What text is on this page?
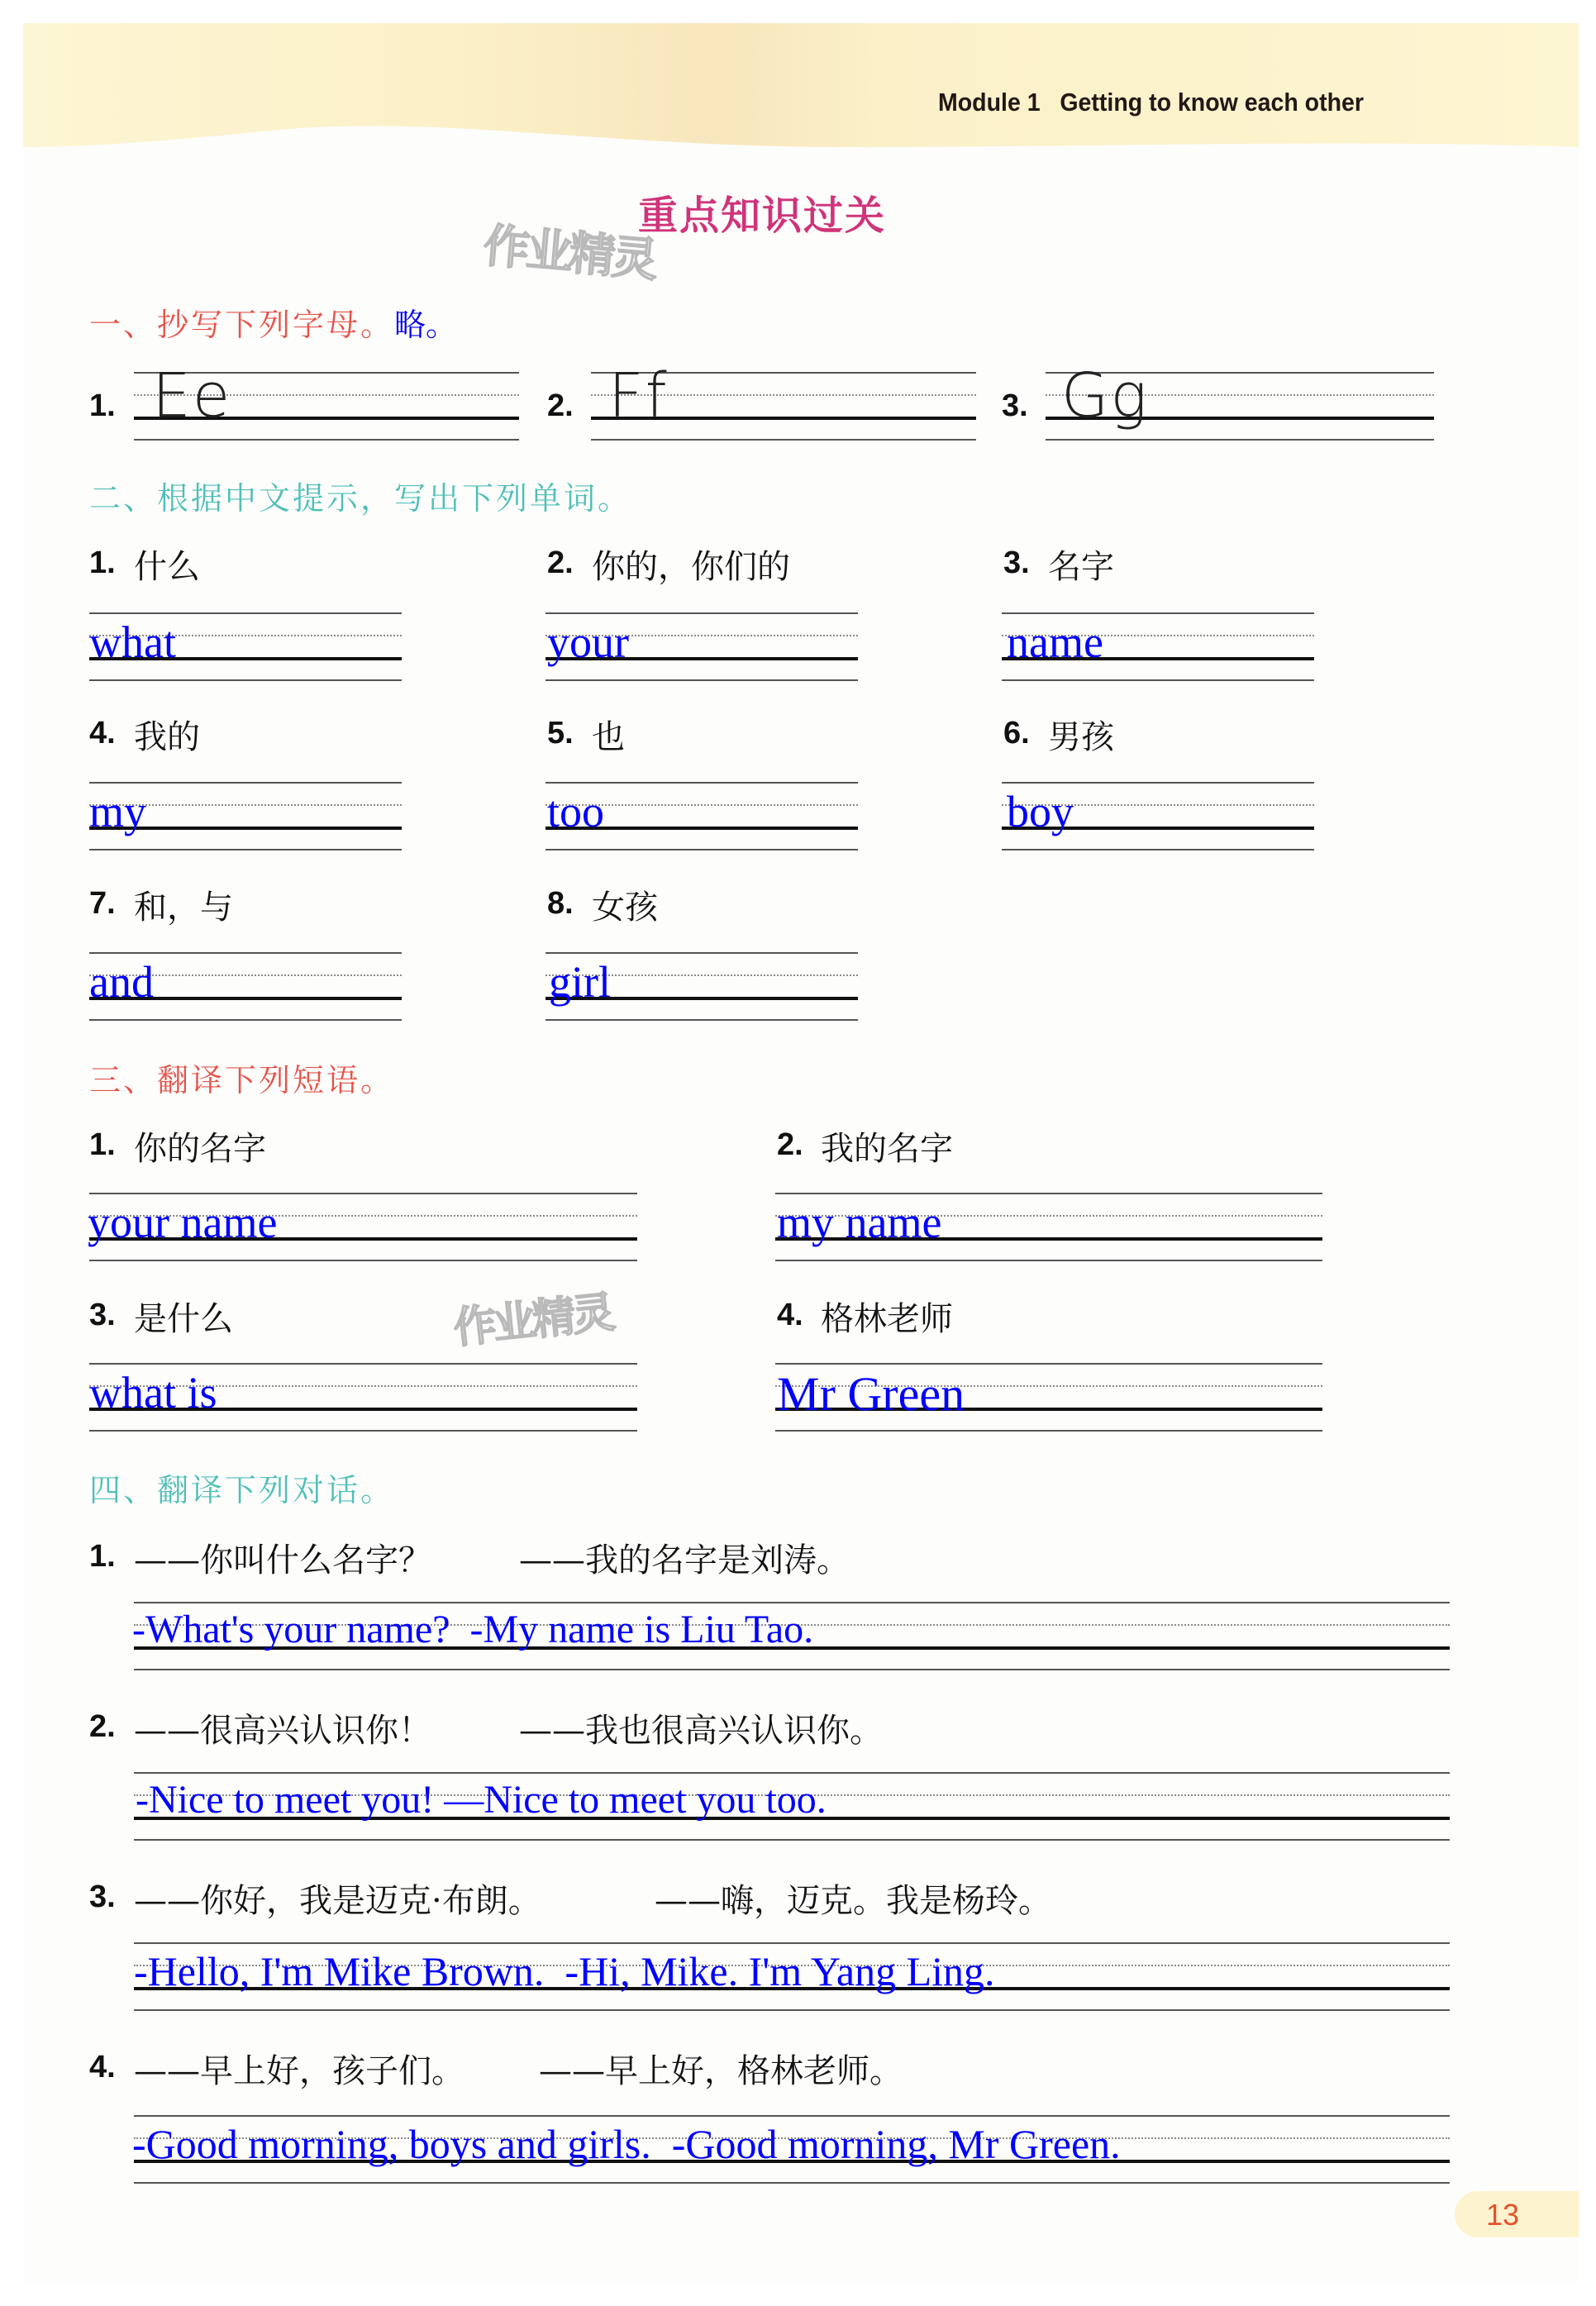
Module 1   Getting to know each other
重点知识过关
作业精灵
一、抄写下列字母。略。
1. Ee	2. Ff	3. Gg
二、根据中文提示，写出下列单词。
1. 什么
what
2. 你的，你们的
your
3. 名字
name
4. 我的
my
5. 也
too
6. 男孩
boy
7. 和，与
and
8. 女孩
girl
三、翻译下列短语。
1. 你的名字
your name
2. 我的名字
my name
作业精灵
3. 是什么
what is
4. 格林老师
Mr Green
四、翻译下列对话。
1. ——你叫什么名字？	——我的名字是刘涛。
-What's your name?  -My name is Liu Tao.
2. ——很高兴认识你！	——我也很高兴认识你。
-Nice to meet you! —Nice to meet you too.
3. ——你好，我是迈克·布朗。	——嗨，迈克。我是杨玲。
-Hello, I'm Mike Brown.  -Hi, Mike. I'm Yang Ling.
4. ——早上好，孩子们。 ——早上好，格林老师。
-Good morning, boys and girls.  -Good morning, Mr Green.
13
